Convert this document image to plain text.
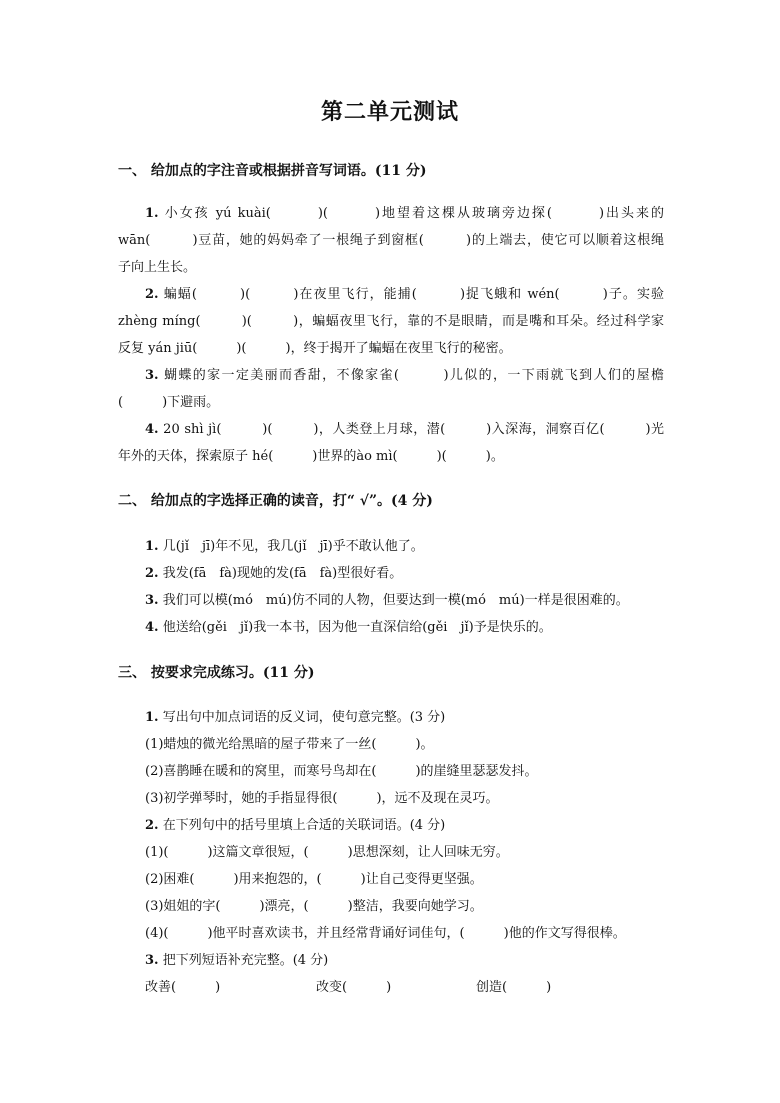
第二单元测试
一、 给加点的字注音或根据拼音写词语。(11 分)
1. 小女孩 yú kuài(　　　)(　　　)地望着这棵从玻璃旁边探(　　　)出头来的
wān(　　　)豆苗，她的妈妈牵了一根绳子到窗框(　　　)的上端去，使它可以顺着这根绳
子向上生长。
2. 蝙蝠(　　　)(　　　)在夜里飞行，能捕(　　　)捉飞蛾和 wén(　　　)子。实验
zhèng míng(　　　)(　　　)，蝙蝠夜里飞行，靠的不是眼睛，而是嘴和耳朵。经过科学家
反复 yán jiū(　　　)(　　　)，终于揭开了蝙蝠在夜里飞行的秘密。
3. 蝴蝶的家一定美丽而香甜，不像家雀(　　　)儿似的，一下雨就飞到人们的屋檐
(　　　)下避雨。
4. 20 shì jì(　　　)(　　　)，人类登上月球，潜(　　　)入深海，洞察百亿(　　　)光
年外的天体，探索原子 hé(　　　)世界的ào mì(　　　)(　　　)。
二、 给加点的字选择正确的读音，打“ √”。(4 分)
1. 几(jǐ　jī)年不见，我几(jǐ　jī)乎不敢认他了。
2. 我发(fā　fà)现她的发(fā　fà)型很好看。
3. 我们可以模(mó　mú)仿不同的人物，但要达到一模(mó　mú)一样是很困难的。
4. 他送给(gěi　jǐ)我一本书，因为他一直深信给(gěi　jǐ)予是快乐的。
三、 按要求完成练习。(11 分)
1. 写出句中加点词语的反义词，使句意完整。(3 分)
(1)蜡烛的微光给黑暗的屋子带来了一丝(　　　)。
(2)喜鹊睡在暖和的窝里，而寒号鸟却在(　　　)的崖缝里瑟瑟发抖。
(3)初学弹琴时，她的手指显得很(　　　)，远不及现在灵巧。
2. 在下列句中的括号里填上合适的关联词语。(4 分)
(1)(　　　)这篇文章很短，(　　　)思想深刻，让人回味无穷。
(2)困难(　　　)用来抱怨的，(　　　)让自己变得更坚强。
(3)姐姐的字(　　　)漂亮，(　　　)整洁，我要向她学习。
(4)(　　　)他平时喜欢读书，并且经常背诵好词佳句，(　　　)他的作文写得很棒。
3. 把下列短语补充完整。(4 分)
改善(　　　)	改变(　　　)	创造(　　　)
